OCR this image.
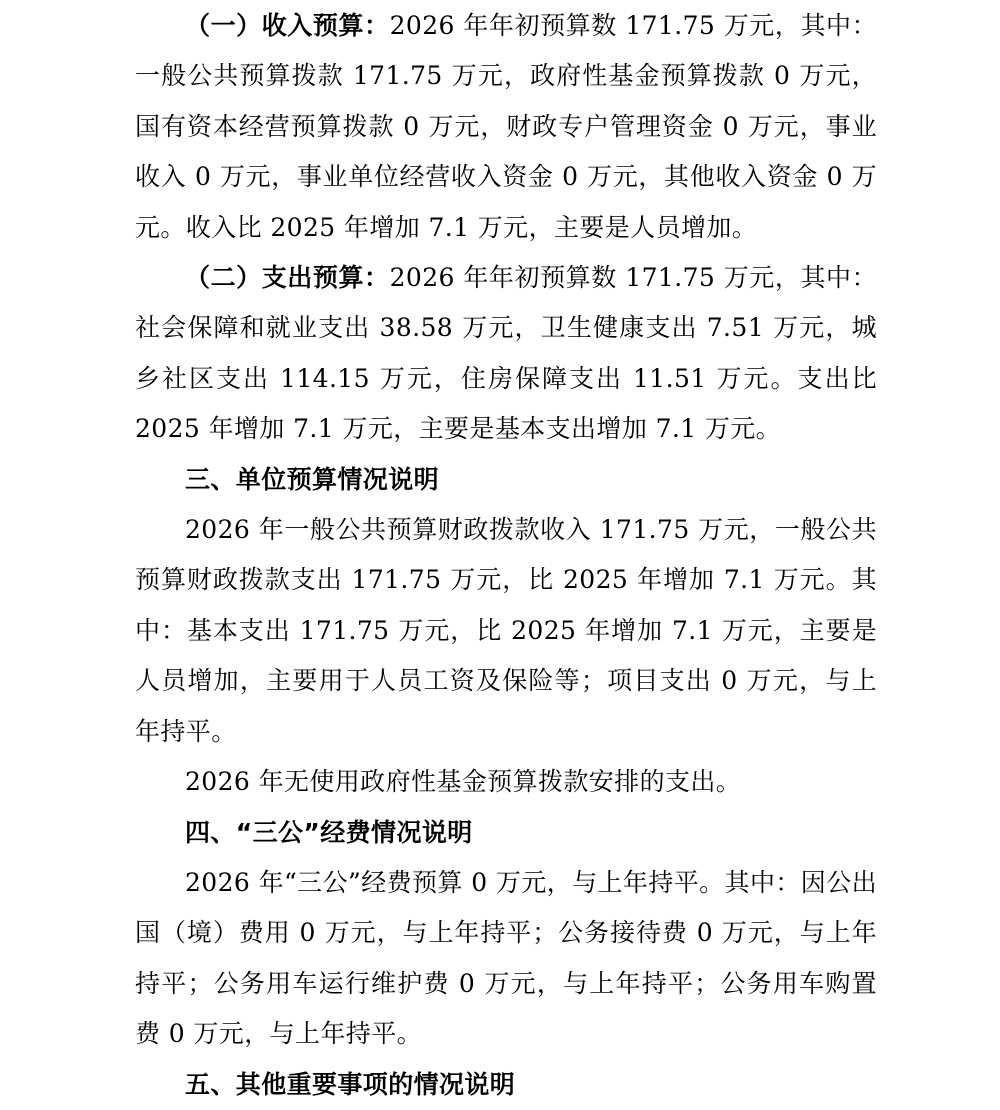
（一）收入预算：2026 年年初预算数 171.75 万元，其中：一般公共预算拨款 171.75 万元，政府性基金预算拨款 0 万元，国有资本经营预算拨款 0 万元，财政专户管理资金 0 万元，事业收入 0 万元，事业单位经营收入资金 0 万元，其他收入资金 0 万元。收入比 2025 年增加 7.1 万元，主要是人员增加。

（二）支出预算：2026 年年初预算数 171.75 万元，其中：社会保障和就业支出 38.58 万元，卫生健康支出 7.51 万元，城乡社区支出 114.15 万元，住房保障支出 11.51 万元。支出比 2025 年增加 7.1 万元，主要是基本支出增加 7.1 万元。

三、单位预算情况说明

2026 年一般公共预算财政拨款收入 171.75 万元，一般公共预算财政拨款支出 171.75 万元，比 2025 年增加 7.1 万元。其中：基本支出 171.75 万元，比 2025 年增加 7.1 万元，主要是人员增加，主要用于人员工资及保险等；项目支出 0 万元，与上年持平。

2026 年无使用政府性基金预算拨款安排的支出。

四、“三公”经费情况说明

2026 年“三公”经费预算 0 万元，与上年持平。其中：因公出国（境）费用 0 万元，与上年持平；公务接待费 0 万元，与上年持平；公务用车运行维护费 0 万元，与上年持平；公务用车购置费 0 万元，与上年持平。

五、其他重要事项的情况说明
